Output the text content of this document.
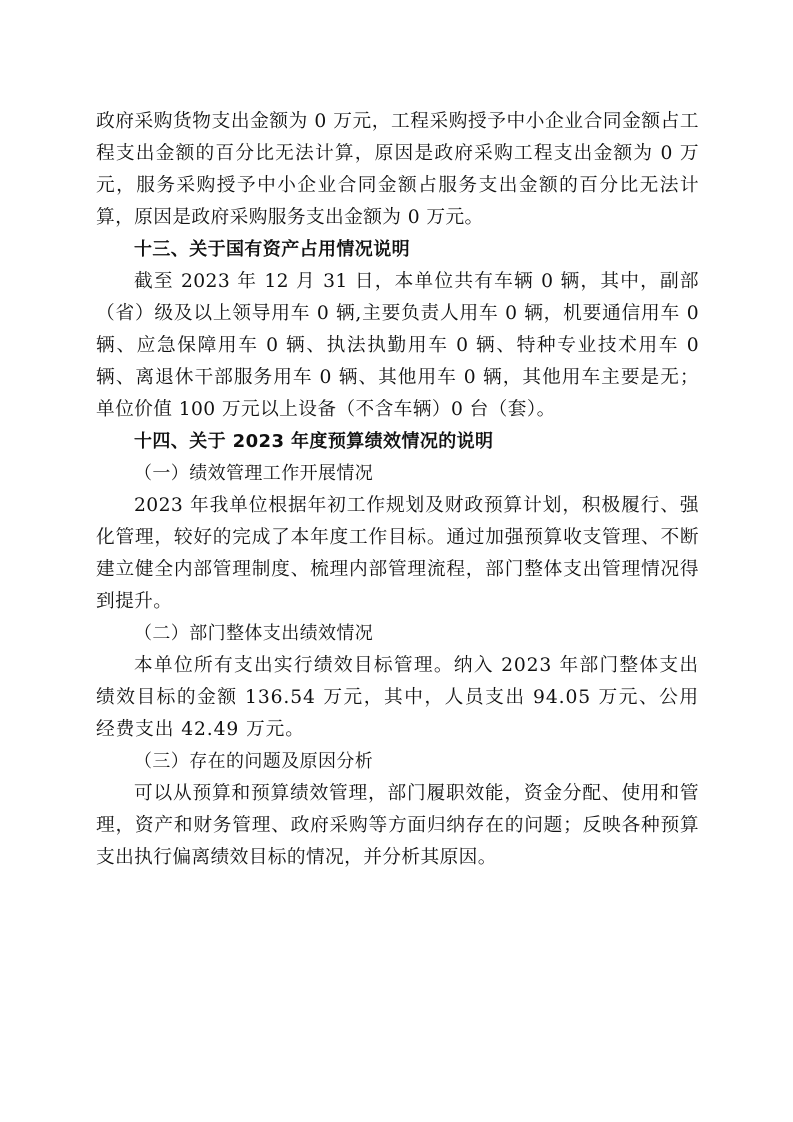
政府采购货物支出金额为 0 万元，工程采购授予中小企业合同金额占工程支出金额的百分比无法计算，原因是政府采购工程支出金额为 0 万元，服务采购授予中小企业合同金额占服务支出金额的百分比无法计算，原因是政府采购服务支出金额为 0 万元。

十三、关于国有资产占用情况说明

截至 2023 年 12 月 31 日，本单位共有车辆 0 辆，其中，副部（省）级及以上领导用车 0 辆,主要负责人用车 0 辆，机要通信用车 0 辆、应急保障用车 0 辆、执法执勤用车 0 辆、特种专业技术用车 0 辆、离退休干部服务用车 0 辆、其他用车 0 辆，其他用车主要是无；单位价值 100 万元以上设备（不含车辆）0 台（套）。

十四、关于 2023 年度预算绩效情况的说明

（一）绩效管理工作开展情况

2023 年我单位根据年初工作规划及财政预算计划，积极履行、强化管理，较好的完成了本年度工作目标。通过加强预算收支管理、不断建立健全内部管理制度、梳理内部管理流程，部门整体支出管理情况得到提升。

（二）部门整体支出绩效情况

本单位所有支出实行绩效目标管理。纳入 2023 年部门整体支出绩效目标的金额 136.54 万元，其中，人员支出 94.05 万元、公用经费支出 42.49 万元。

（三）存在的问题及原因分析

可以从预算和预算绩效管理，部门履职效能，资金分配、使用和管理，资产和财务管理、政府采购等方面归纳存在的问题；反映各种预算支出执行偏离绩效目标的情况，并分析其原因。
